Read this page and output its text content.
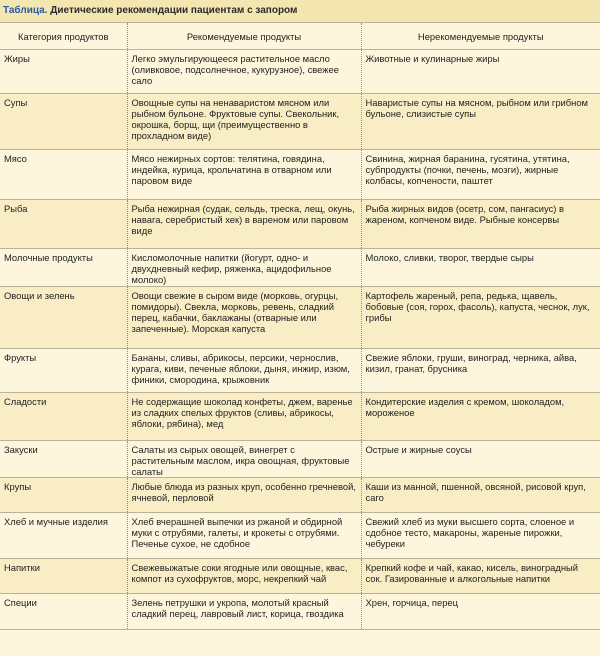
Таблица. Диетические рекомендации пациентам с запором
Категория продуктов	Рекомендуемые продукты	Нерекомендуемые продукты
Жиры	Легко эмульгирующееся растительное масло (оливковое, подсолнечное, кукурузное), свежее сало	Животные и кулинарные жиры
Супы	Овощные супы на ненаваристом мясном или рыбном бульоне. Фруктовые супы. Свекольник, окрошка, борщ, щи (преимущественно в прохладном виде)	Наваристые супы на мясном, рыбном или грибном бульоне, слизистые супы
Мясо	Мясо нежирных сортов: телятина, говядина, индейка, курица, крольчатина в отварном или паровом виде	Свинина, жирная баранина, гусятина, утятина, субпродукты (почки, печень, мозги), жирные колбасы, копчености, паштет
Рыба	Рыба нежирная (судак, сельдь, треска, лещ, окунь, навага, серебристый хек) в вареном или паровом виде	Рыба жирных видов (осетр, сом, пангасиус) в жареном, копченом виде. Рыбные консервы
Молочные продукты	Кисломолочные напитки (йогурт, одно- и двухдневный кефир, ряженка, ацидофильное молоко)	Молоко, сливки, творог, твердые сыры
Овощи и зелень	Овощи свежие в сыром виде (морковь, огурцы, помидоры). Свекла, морковь, ревень, сладкий перец, кабачки, баклажаны (отварные или запеченные). Морская капуста	Картофель жареный, репа, редька, щавель, бобовые (соя, горох, фасоль), капуста, чеснок, лук, грибы
Фрукты	Бананы, сливы, абрикосы, персики, чернослив, курага, киви, печеные яблоки, дыня, инжир, изюм, финики, смородина, крыжовник	Свежие яблоки, груши, виноград, черника, айва, кизил, гранат, брусника
Сладости	Не содержащие шоколад конфеты, джем, варенье из сладких спелых фруктов (сливы, абрикосы, яблоки, рябина), мед	Кондитерские изделия с кремом, шоколадом, мороженое
Закуски	Салаты из сырых овощей, винегрет с растительным маслом, икра овощная, фруктовые салаты	Острые и жирные соусы
Крупы	Любые блюда из разных круп, особенно гречневой, ячневой, перловой	Каши из манной, пшенной, овсяной, рисовой круп, саго
Хлеб и мучные изделия	Хлеб вчерашней выпечки из ржаной и обдирной муки с отрубями, галеты, и крокеты с отрубями. Печенье сухое, не сдобное	Свежий хлеб из муки высшего сорта, слоеное и сдобное тесто, макароны, жареные пирожки, чебуреки
Напитки	Свежевыжатые соки ягодные или овощные, квас, компот из сухофруктов, морс, некрепкий чай	Крепкий кофе и чай, какао, кисель, виноградный сок. Газированные и алкогольные напитки
Специи	Зелень петрушки и укропа, молотый красный сладкий перец, лавровый лист, корица, гвоздика	Хрен, горчица, перец
